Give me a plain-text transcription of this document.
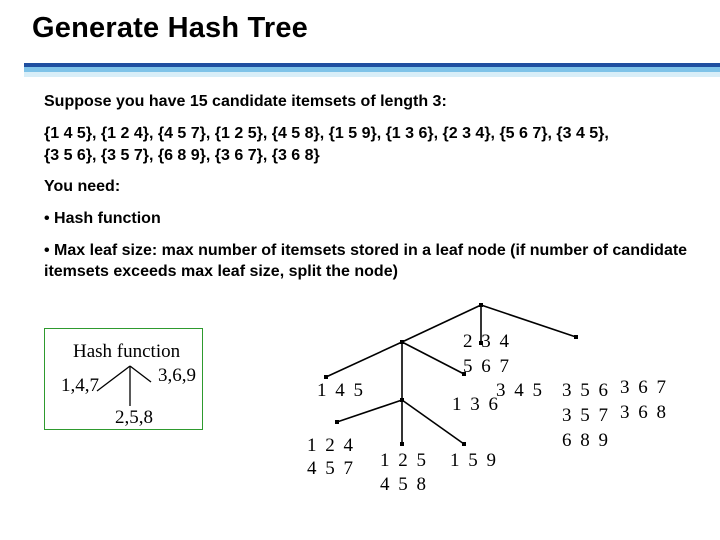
Generate Hash Tree
Suppose you have 15 candidate itemsets of length 3:
{1 4 5}, {1 2 4}, {4 5 7}, {1 2 5}, {4 5 8}, {1 5 9}, {1 3 6}, {2 3 4}, {5 6 7}, {3 4 5},
{3 5 6}, {3 5 7}, {6 8 9}, {3 6 7}, {3 6 8}
You need:
• Hash function
• Max leaf size: max number of itemsets stored in a leaf node (if number of candidate itemsets exceeds max leaf size, split the node)
Hash function
1,4,7	3,6,9
2,5,8
1 4 5
1 2 4
4 5 7 1 2 5
4 5 8
1 5 9
2 3 4
5 6 7
1 3 6
3 4 5 3 5 6
3 5 7
6 8 9
3 6 7
3 6 8
